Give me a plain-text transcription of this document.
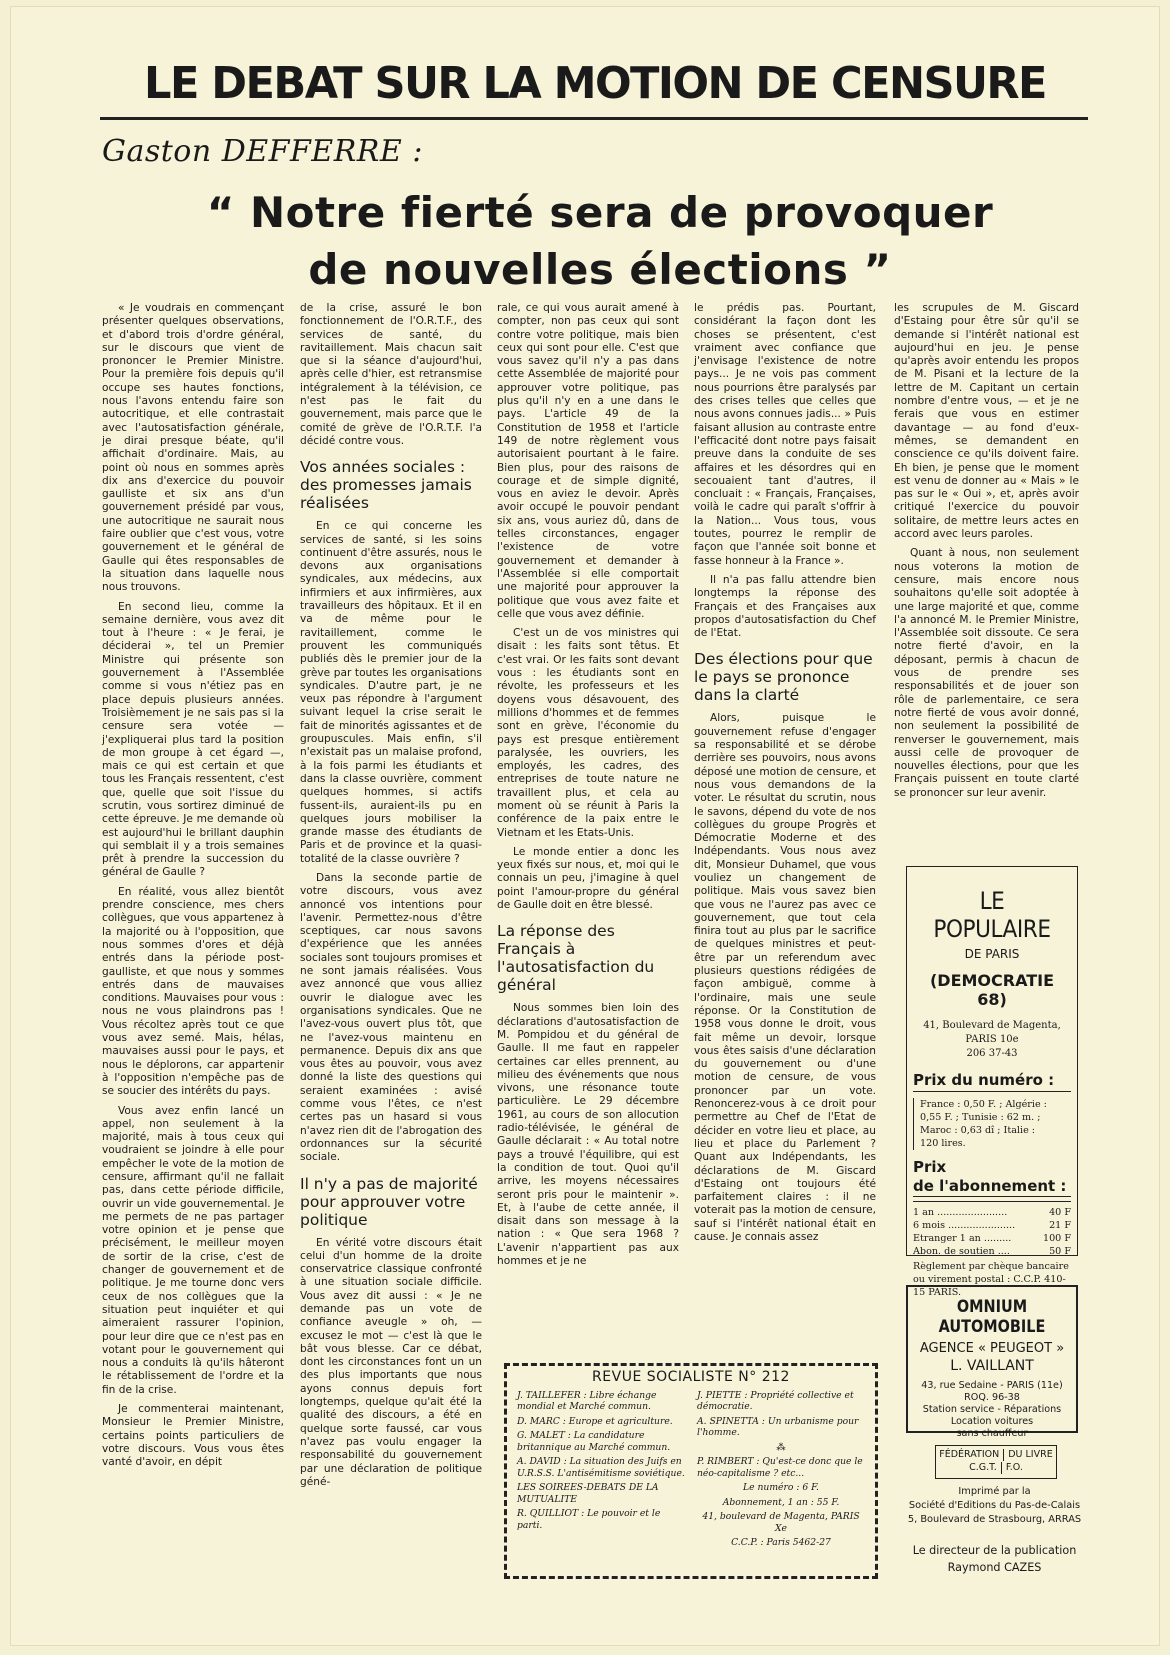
LE DEBAT SUR LA MOTION DE CENSURE
Gaston DEFFERRE :
“ Notre fierté sera de provoquer
de nouvelles élections ”

« Je voudrais en commençant présenter quelques observations, et d'abord trois d'ordre général, sur le discours que vient de prononcer le Premier Ministre. Pour la première fois depuis qu'il occupe ses hautes fonctions, nous l'avons entendu faire son autocritique, et elle contrastait avec l'autosatisfaction générale, je dirai presque béate, qu'il affichait d'ordinaire. Mais, au point où nous en sommes après dix ans d'exercice du pouvoir gaulliste et six ans d'un gouvernement présidé par vous, une autocritique ne saurait nous faire oublier que c'est vous, votre gouvernement et le général de Gaulle qui êtes responsables de la situation dans laquelle nous nous trouvons.

En second lieu, comme la semaine dernière, vous avez dit tout à l'heure : « Je ferai, je déciderai », tel un Premier Ministre qui présente son gouvernement à l'Assemblée comme si vous n'étiez pas en place depuis plusieurs années. Troisièmement je ne sais pas si la censure sera votée — j'expliquerai plus tard la position de mon groupe à cet égard —, mais ce qui est certain et que tous les Français ressentent, c'est que, quelle que soit l'issue du scrutin, vous sortirez diminué de cette épreuve. Je me demande où est aujourd'hui le brillant dauphin qui semblait il y a trois semaines prêt à prendre la succession du général de Gaulle ?

En réalité, vous allez bientôt prendre conscience, mes chers collègues, que vous appartenez à la majorité ou à l'opposition, que nous sommes d'ores et déjà entrés dans la période post-gaulliste, et que nous y sommes entrés dans de mauvaises conditions. Mauvaises pour vous : nous ne vous plaindrons pas ! Vous récoltez après tout ce que vous avez semé. Mais, hélas, mauvaises aussi pour le pays, et nous le déplorons, car appartenir à l'opposition n'empêche pas de se soucier des intérêts du pays.

Vous avez enfin lancé un appel, non seulement à la majorité, mais à tous ceux qui voudraient se joindre à elle pour empêcher le vote de la motion de censure, affirmant qu'il ne fallait pas, dans cette période difficile, ouvrir un vide gouvernemental. Je me permets de ne pas partager votre opinion et je pense que précisément, le meilleur moyen de sortir de la crise, c'est de changer de gouvernement et de politique. Je me tourne donc vers ceux de nos collègues que la situation peut inquiéter et qui aimeraient rassurer l'opinion, pour leur dire que ce n'est pas en votant pour le gouvernement qui nous a conduits là qu'ils hâteront le rétablissement de l'ordre et la fin de la crise.

Je commenterai maintenant, Monsieur le Premier Ministre, certains points particuliers de votre discours. Vous vous êtes vanté d'avoir, en dépit

de la crise, assuré le bon fonctionnement de l'O.R.T.F., des services de santé, du ravitaillement. Mais chacun sait que si la séance d'aujourd'hui, après celle d'hier, est retransmise intégralement à la télévision, ce n'est pas le fait du gouvernement, mais parce que le comité de grève de l'O.R.T.F. l'a décidé contre vous.

Vos années sociales : des promesses jamais réalisées

En ce qui concerne les services de santé, si les soins continuent d'être assurés, nous le devons aux organisations syndicales, aux médecins, aux infirmiers et aux infirmières, aux travailleurs des hôpitaux. Et il en va de même pour le ravitaillement, comme le prouvent les communiqués publiés dès le premier jour de la grève par toutes les organisations syndicales. D'autre part, je ne veux pas répondre à l'argument suivant lequel la crise serait le fait de minorités agissantes et de groupuscules. Mais enfin, s'il n'existait pas un malaise profond, à la fois parmi les étudiants et dans la classe ouvrière, comment quelques hommes, si actifs fussent-ils, auraient-ils pu en quelques jours mobiliser la grande masse des étudiants de Paris et de province et la quasi-totalité de la classe ouvrière ?

Dans la seconde partie de votre discours, vous avez annoncé vos intentions pour l'avenir. Permettez-nous d'être sceptiques, car nous savons d'expérience que les années sociales sont toujours promises et ne sont jamais réalisées. Vous avez annoncé que vous alliez ouvrir le dialogue avec les organisations syndicales. Que ne l'avez-vous ouvert plus tôt, que ne l'avez-vous maintenu en permanence. Depuis dix ans que vous êtes au pouvoir, vous avez donné la liste des questions qui seraient examinées : avisé comme vous l'êtes, ce n'est certes pas un hasard si vous n'avez rien dit de l'abrogation des ordonnances sur la sécurité sociale.

Il n'y a pas de majorité pour approuver votre politique

En vérité votre discours était celui d'un homme de la droite conservatrice classique confronté à une situation sociale difficile. Vous avez dit aussi : « Je ne demande pas un vote de confiance aveugle » oh, — excusez le mot — c'est là que le bât vous blesse. Car ce débat, dont les circonstances font un un des plus importants que nous ayons connus depuis fort longtemps, quelque qu'ait été la qualité des discours, a été en quelque sorte faussé, car vous n'avez pas voulu engager la responsabilité du gouvernement par une déclaration de politique géné-

rale, ce qui vous aurait amené à compter, non pas ceux qui sont contre votre politique, mais bien ceux qui sont pour elle. C'est que vous savez qu'il n'y a pas dans cette Assemblée de majorité pour approuver votre politique, pas plus qu'il n'y en a une dans le pays. L'article 49 de la Constitution de 1958 et l'article 149 de notre règlement vous autorisaient pourtant à le faire. Bien plus, pour des raisons de courage et de simple dignité, vous en aviez le devoir. Après avoir occupé le pouvoir pendant six ans, vous auriez dû, dans de telles circonstances, engager l'existence de votre gouvernement et demander à l'Assemblée si elle comportait une majorité pour approuver la politique que vous avez faite et celle que vous avez définie.

C'est un de vos ministres qui disait : les faits sont têtus. Et c'est vrai. Or les faits sont devant vous : les étudiants sont en révolte, les professeurs et les doyens vous désavouent, des millions d'hommes et de femmes sont en grève, l'économie du pays est presque entièrement paralysée, les ouvriers, les employés, les cadres, des entreprises de toute nature ne travaillent plus, et cela au moment où se réunit à Paris la conférence de la paix entre le Vietnam et les Etats-Unis.

Le monde entier a donc les yeux fixés sur nous, et, moi qui le connais un peu, j'imagine à quel point l'amour-propre du général de Gaulle doit en être blessé.

La réponse des Français à l'autosatisfaction du général

Nous sommes bien loin des déclarations d'autosatisfaction de M. Pompidou et du général de Gaulle. Il me faut en rappeler certaines car elles prennent, au milieu des événements que nous vivons, une résonance toute particulière. Le 29 décembre 1961, au cours de son allocution radio-télévisée, le général de Gaulle déclarait : « Au total notre pays a trouvé l'équilibre, qui est la condition de tout. Quoi qu'il arrive, les moyens nécessaires seront pris pour le maintenir ». Et, à l'aube de cette année, il disait dans son message à la nation : « Que sera 1968 ? L'avenir n'appartient pas aux hommes et je ne

le prédis pas. Pourtant, considérant la façon dont les choses se présentent, c'est vraiment avec confiance que j'envisage l'existence de notre pays... Je ne vois pas comment nous pourrions être paralysés par des crises telles que celles que nous avons connues jadis... » Puis faisant allusion au contraste entre l'efficacité dont notre pays faisait preuve dans la conduite de ses affaires et les désordres qui en secouaient tant d'autres, il concluait : « Français, Françaises, voilà le cadre qui paraît s'offrir à la Nation... Vous tous, vous toutes, pourrez le remplir de façon que l'année soit bonne et fasse honneur à la France ».

Il n'a pas fallu attendre bien longtemps la réponse des Français et des Françaises aux propos d'autosatisfaction du Chef de l'Etat.

Des élections pour que le pays se prononce dans la clarté

Alors, puisque le gouvernement refuse d'engager sa responsabilité et se dérobe derrière ses pouvoirs, nous avons déposé une motion de censure, et nous vous demandons de la voter. Le résultat du scrutin, nous le savons, dépend du vote de nos collègues du groupe Progrès et Démocratie Moderne et des Indépendants. Vous nous avez dit, Monsieur Duhamel, que vous vouliez un changement de politique. Mais vous savez bien que vous ne l'aurez pas avec ce gouvernement, que tout cela finira tout au plus par le sacrifice de quelques ministres et peut-être par un referendum avec plusieurs questions rédigées de façon ambiguë, comme à l'ordinaire, mais une seule réponse. Or la Constitution de 1958 vous donne le droit, vous fait même un devoir, lorsque vous êtes saisis d'une déclaration du gouvernement ou d'une motion de censure, de vous prononcer par un vote. Renoncerez-vous à ce droit pour permettre au Chef de l'Etat de décider en votre lieu et place, au lieu et place du Parlement ? Quant aux Indépendants, les déclarations de M. Giscard d'Estaing ont toujours été parfaitement claires : il ne voterait pas la motion de censure, sauf si l'intérêt national était en cause. Je connais assez

les scrupules de M. Giscard d'Estaing pour être sûr qu'il se demande si l'intérêt national est aujourd'hui en jeu. Je pense qu'après avoir entendu les propos de M. Pisani et la lecture de la lettre de M. Capitant un certain nombre d'entre vous, — et je ne ferais que vous en estimer davantage — au fond d'eux-mêmes, se demandent en conscience ce qu'ils doivent faire. Eh bien, je pense que le moment est venu de donner au « Mais » le pas sur le « Oui », et, après avoir critiqué l'exercice du pouvoir solitaire, de mettre leurs actes en accord avec leurs paroles.

Quant à nous, non seulement nous voterons la motion de censure, mais encore nous souhaitons qu'elle soit adoptée à une large majorité et que, comme l'a annoncé M. le Premier Ministre, l'Assemblée soit dissoute. Ce sera notre fierté d'avoir, en la déposant, permis à chacun de vous de prendre ses responsabilités et de jouer son rôle de parlementaire, ce sera notre fierté de vous avoir donné, non seulement la possibilité de renverser le gouvernement, mais aussi celle de provoquer de nouvelles élections, pour que les Français puissent en toute clarté se prononcer sur leur avenir.

LE POPULAIRE
DE PARIS
(DEMOCRATIE 68)
41, Boulevard de Magenta,
PARIS 10e
206 37-43
Prix du numéro :
France : 0,50 F. ; Algérie :
0,55 F. ; Tunisie : 62 m. ;
Maroc : 0,63 dî ; Italie :
120 lires.
Prix
de l'abonnement :
1 an .......................	40 F
6 mois ......................	21 F
Etranger 1 an .........	100 F
Abon. de soutien ....	50 F
Règlement par chèque bancaire ou virement postal : C.C.P. 410-15 PARIS.
OMNIUM AUTOMOBILE
AGENCE « PEUGEOT »
L. VAILLANT
43, rue Sedaine - PARIS (11e)
ROQ. 96-38
Station service - Réparations
Location voitures
sans chauffeur
FÉDÉRATION DU LIVRE
C.G.T. F.O.
Imprimé par la
Société d'Editions du Pas-de-Calais
5, Boulevard de Strasbourg, ARRAS
Le directeur de la publication
Raymond CAZES
REVUE SOCIALISTE N° 212
J. TAILLEFER : Libre échange mondial et Marché commun.
D. MARC : Europe et agriculture.
G. MALET : La candidature britannique au Marché commun.
A. DAVID : La situation des Juifs en U.R.S.S. L'antisémitisme soviétique.
LES SOIREES-DEBATS DE LA MUTUALITE
R. QUILLIOT : Le pouvoir et le parti.
J. PIETTE : Propriété collective et démocratie.
A. SPINETTA : Un urbanisme pour l'homme.
⁂
P. RIMBERT : Qu'est-ce donc que le néo-capitalisme ? etc...
Le numéro : 6 F.
Abonnement, 1 an : 55 F.
41, boulevard de Magenta, PARIS Xe
C.C.P. : Paris 5462-27
